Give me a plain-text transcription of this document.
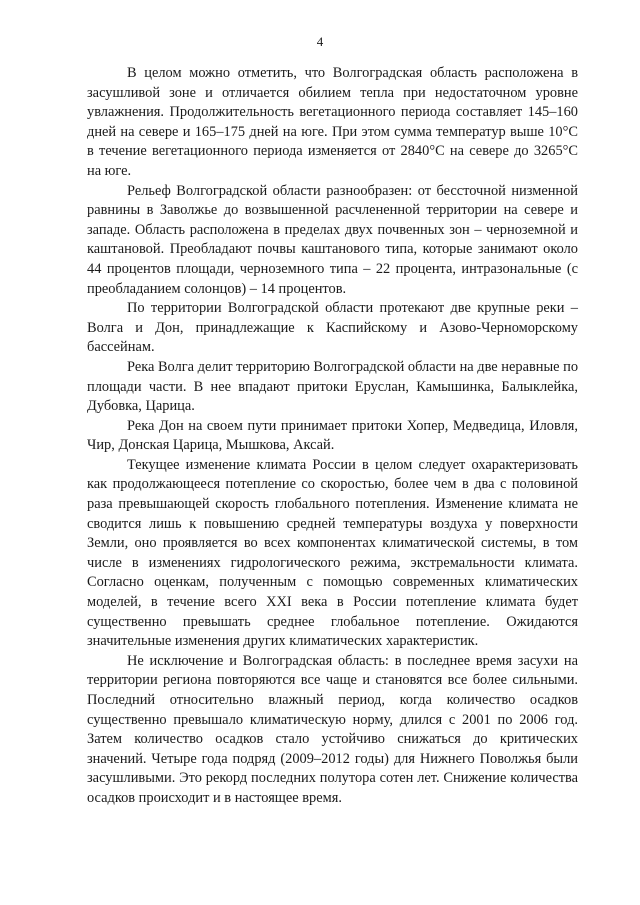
4

В целом можно отметить, что Волгоградская область расположена в засушливой зоне и отличается обилием тепла при недостаточном уровне увлажнения. Продолжительность вегетационного периода составляет 145–160 дней на севере и 165–175 дней на юге. При этом сумма температур выше 10°С в течение вегетационного периода изменяется от 2840°С на севере до 3265°С на юге.

Рельеф Волгоградской области разнообразен: от бессточной низменной равнины в Заволжье до возвышенной расчлененной территории на севере и западе. Область расположена в пределах двух почвенных зон – черноземной и каштановой. Преобладают почвы каштанового типа, которые занимают около 44 процентов площади, черноземного типа – 22 процента, интразональные (с преобладанием солонцов) – 14 процентов.

По территории Волгоградской области протекают две крупные реки – Волга и Дон, принадлежащие к Каспийскому и Азово-Черноморскому бассейнам.

Река Волга делит территорию Волгоградской области на две неравные по площади части. В нее впадают притоки Еруслан, Камышинка, Балыклейка, Дубовка, Царица.

Река Дон на своем пути принимает притоки Хопер, Медведица, Иловля, Чир, Донская Царица, Мышкова, Аксай.

Текущее изменение климата России в целом следует охарактеризовать как продолжающееся потепление со скоростью, более чем в два с половиной раза превышающей скорость глобального потепления. Изменение климата не сводится лишь к повышению средней температуры воздуха у поверхности Земли, оно проявляется во всех компонентах климатической системы, в том числе в изменениях гидрологического режима, экстремальности климата. Согласно оценкам, полученным с помощью современных климатических моделей, в течение всего XXI века в России потепление климата будет существенно превышать среднее глобальное потепление. Ожидаются значительные изменения других климатических характеристик.

Не исключение и Волгоградская область: в последнее время засухи на территории региона повторяются все чаще и становятся все более сильными. Последний относительно влажный период, когда количество осадков существенно превышало климатическую норму, длился с 2001 по 2006 год. Затем количество осадков стало устойчиво снижаться до критических значений. Четыре года подряд (2009–2012 годы) для Нижнего Поволжья были засушливыми. Это рекорд последних полутора сотен лет. Снижение количества осадков происходит и в настоящее время.
